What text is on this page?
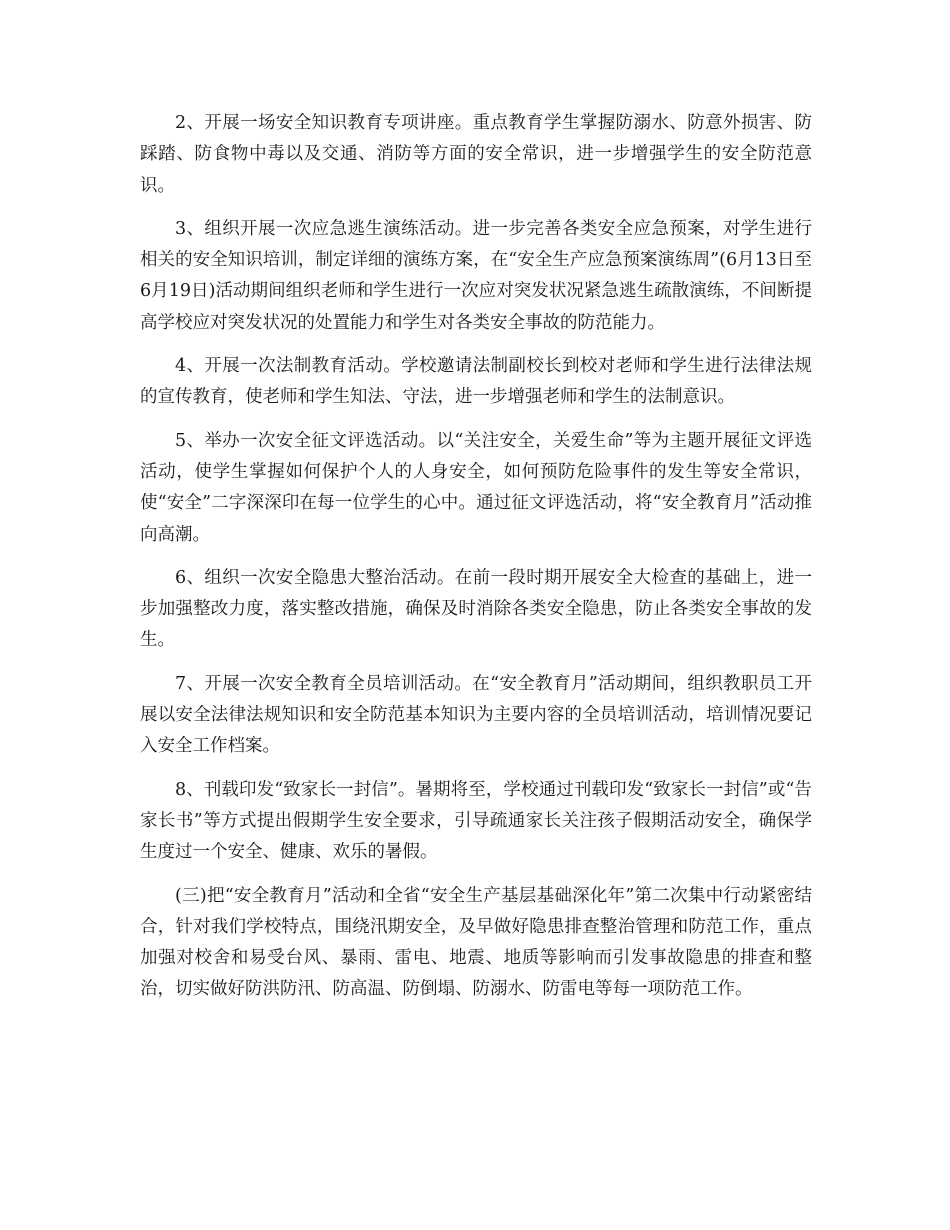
2、开展一场安全知识教育专项讲座。重点教育学生掌握防溺水、防意外损害、防踩踏、防食物中毒以及交通、消防等方面的安全常识，进一步增强学生的安全防范意识。

3、组织开展一次应急逃生演练活动。进一步完善各类安全应急预案，对学生进行相关的安全知识培训，制定详细的演练方案，在“安全生产应急预案演练周”(6月13日至6月19日)活动期间组织老师和学生进行一次应对突发状况紧急逃生疏散演练，不间断提高学校应对突发状况的处置能力和学生对各类安全事故的防范能力。

4、开展一次法制教育活动。学校邀请法制副校长到校对老师和学生进行法律法规的宣传教育，使老师和学生知法、守法，进一步增强老师和学生的法制意识。

5、举办一次安全征文评选活动。以“关注安全，关爱生命”等为主题开展征文评选活动，使学生掌握如何保护个人的人身安全，如何预防危险事件的发生等安全常识，使“安全”二字深深印在每一位学生的心中。通过征文评选活动，将“安全教育月”活动推向高潮。

6、组织一次安全隐患大整治活动。在前一段时期开展安全大检查的基础上，进一步加强整改力度，落实整改措施，确保及时消除各类安全隐患，防止各类安全事故的发生。

7、开展一次安全教育全员培训活动。在“安全教育月”活动期间，组织教职员工开展以安全法律法规知识和安全防范基本知识为主要内容的全员培训活动，培训情况要记入安全工作档案。

8、刊载印发“致家长一封信”。暑期将至，学校通过刊载印发“致家长一封信”或“告家长书”等方式提出假期学生安全要求，引导疏通家长关注孩子假期活动安全，确保学生度过一个安全、健康、欢乐的暑假。

(三)把“安全教育月”活动和全省“安全生产基层基础深化年”第二次集中行动紧密结合，针对我们学校特点，围绕汛期安全，及早做好隐患排查整治管理和防范工作，重点加强对校舍和易受台风、暴雨、雷电、地震、地质等影响而引发事故隐患的排查和整治，切实做好防洪防汛、防高温、防倒塌、防溺水、防雷电等每一项防范工作。
